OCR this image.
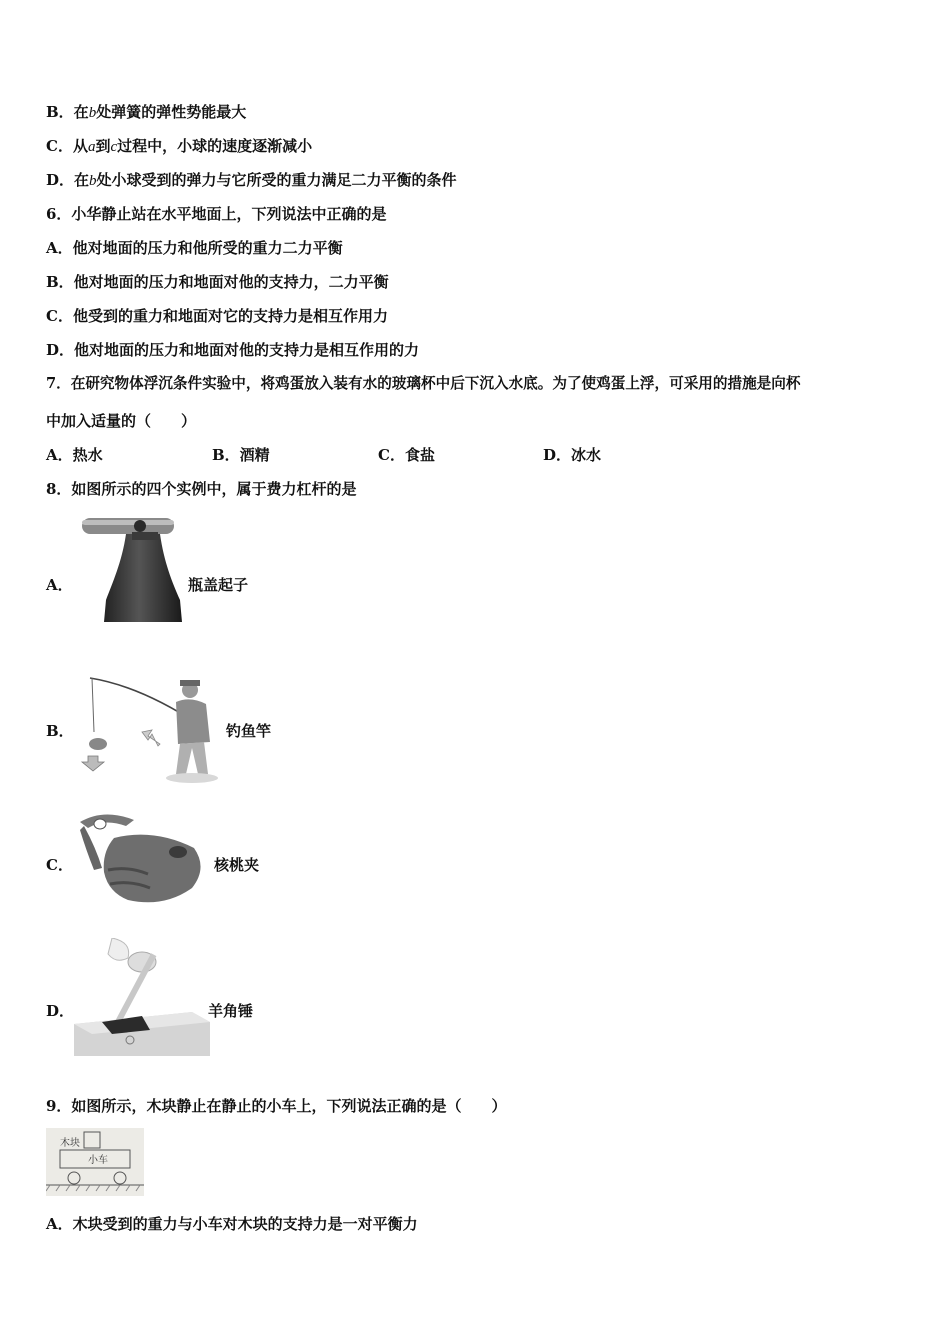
B．在b处弹簧的弹性势能最大
C．从a到c过程中，小球的速度逐渐减小
D．在b处小球受到的弹力与它所受的重力满足二力平衡的条件
6．小华静止站在水平地面上，下列说法中正确的是
A．他对地面的压力和他所受的重力二力平衡
B．他对地面的压力和地面对他的支持力，二力平衡
C．他受到的重力和地面对它的支持力是相互作用力
D．他对地面的压力和地面对他的支持力是相互作用的力
7．在研究物体浮沉条件实验中，将鸡蛋放入装有水的玻璃杯中后下沉入水底。为了使鸡蛋上浮，可采用的措施是向杯
中加入适量的（　　）
A．热水	B．酒精	C．食盐	D．冰水
8．如图所示的四个实例中，属于费力杠杆的是
A．	瓶盖起子
B．	钓鱼竿
C．	核桃夹
D．	羊角锤
9．如图所示，木块静止在静止的小车上，下列说法正确的是（　　）
木块
小车
A．木块受到的重力与小车对木块的支持力是一对平衡力
